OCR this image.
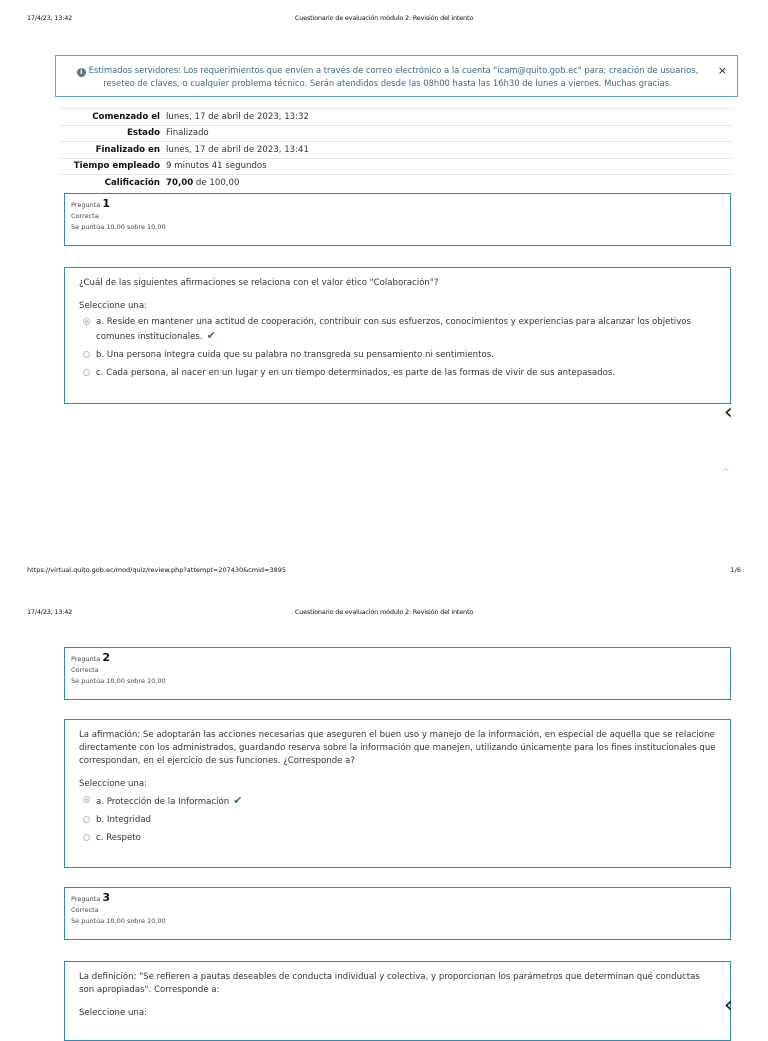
17/4/23, 13:42	Cuestionario de evaluación módulo 2: Revisión del intento
i Estimados servidores: Los requerimientos que envíen a través de correo electrónico a la cuenta "icam@quito.gob.ec" para; creación de usuarios, reseteo de claves, o cualquier problema técnico. Serán atendidos desde las 08h00 hasta las 16h30 de lunes a viernes. Muchas gracias.
×
Comenzado el lunes, 17 de abril de 2023, 13:32
Estado Finalizado
Finalizado en lunes, 17 de abril de 2023, 13:41
Tiempo empleado 9 minutos 41 segundos
Calificación 70,00 de 100,00
Pregunta 1
Correcta
Se puntúa 10,00 sobre 10,00
¿Cuál de las siguientes afirmaciones se relaciona con el valor ético "Colaboración"?
Seleccione una:
a. Reside en mantener una actitud de cooperación, contribuir con sus esfuerzos, conocimientos y experiencias para alcanzar los objetivos comunes institucionales. ✔
b. Una persona íntegra cuida que su palabra no transgreda su pensamiento ni sentimientos.
c. Cada persona, al nacer en un lugar y en un tiempo determinados, es parte de las formas de vivir de sus antepasados.
‹
^
https://virtual.quito.gob.ec/mod/quiz/review.php?attempt=207430&cmid=3895	1/6
17/4/23, 13:42	Cuestionario de evaluación módulo 2: Revisión del intento
Pregunta 2
Correcta
Se puntúa 10,00 sobre 10,00
La afirmación: Se adoptarán las acciones necesarias que aseguren el buen uso y manejo de la información, en especial de aquella que se relacione directamente con los administrados, guardando reserva sobre la información que manejen, utilizando únicamente para los fines institucionales que correspondan, en el ejercicio de sus funciones. ¿Corresponde a?
Seleccione una:
a. Protección de la Información ✔
b. Integridad
c. Respeto
Pregunta 3
Correcta
Se puntúa 10,00 sobre 10,00
La definición: "Se refieren a pautas deseables de conducta individual y colectiva, y proporcionan los parámetros que determinan qué conductas son apropiadas". Corresponde a:
Seleccione una:	‹
